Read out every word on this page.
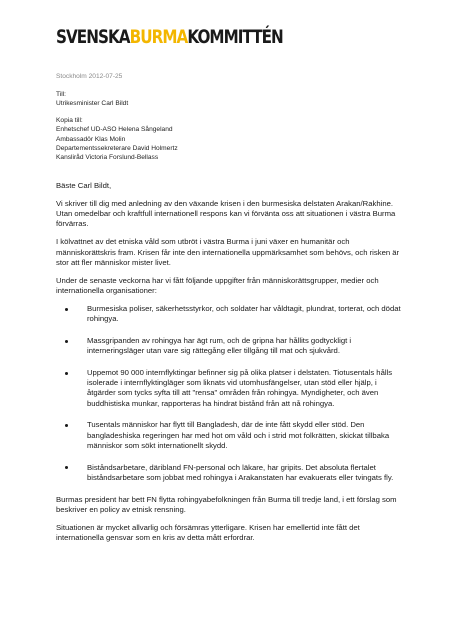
SVENSKABURMAKOMMITTÉN
Stockholm 2012-07-25
Till:
Utrikesminister Carl Bildt
Kopia till:
Enhetschef UD-ASO Helena Sångeland
Ambassadör Klas Molin
Departementssekreterare David Holmertz
Kansliråd Victoria Forslund-Bellass
Bäste Carl Bildt,

Vi skriver till dig med anledning av den växande krisen i den burmesiska delstaten Arakan/Rakhine. Utan omedelbar och kraftfull internationell respons kan vi förvänta oss att situationen i västra Burma förvärras.

I kölvattnet av det etniska våld som utbröt i västra Burma i juni växer en humanitär och människorättskris fram. Krisen får inte den internationella uppmärksamhet som behövs, och risken är stor att fler människor mister livet.

Under de senaste veckorna har vi fått följande uppgifter från människorättsgrupper, medier och internationella organisationer:

Burmesiska poliser, säkerhetsstyrkor, och soldater har våldtagit, plundrat, torterat, och dödat rohingya.
Massgripanden av rohingya har ägt rum, och de gripna har hållits godtyckligt i interneringsläger utan vare sig rättegång eller tillgång till mat och sjukvård.
Uppemot 90 000 internflyktingar befinner sig på olika platser i delstaten. Tiotusentals hålls isolerade i internflyktingläger som liknats vid utomhusfängelser, utan stöd eller hjälp, i åtgärder som tycks syfta till att "rensa" områden från rohingya. Myndigheter, och även buddhistiska munkar, rapporteras ha hindrat bistånd från att nå rohingya.
Tusentals människor har flytt till Bangladesh, där de inte fått skydd eller stöd. Den bangladeshiska regeringen har med hot om våld och i strid mot folkrätten, skickat tillbaka människor som sökt internationellt skydd.
Biståndsarbetare, däribland FN-personal och läkare, har gripits. Det absoluta flertalet biståndsarbetare som jobbat med rohingya i Arakanstaten har evakuerats eller tvingats fly.

Burmas president har bett FN flytta rohingyabefolkningen från Burma till tredje land, i ett förslag som beskriver en policy av etnisk rensning.

Situationen är mycket allvarlig och försämras ytterligare. Krisen har emellertid inte fått det internationella gensvar som en kris av detta mått erfordrar.
